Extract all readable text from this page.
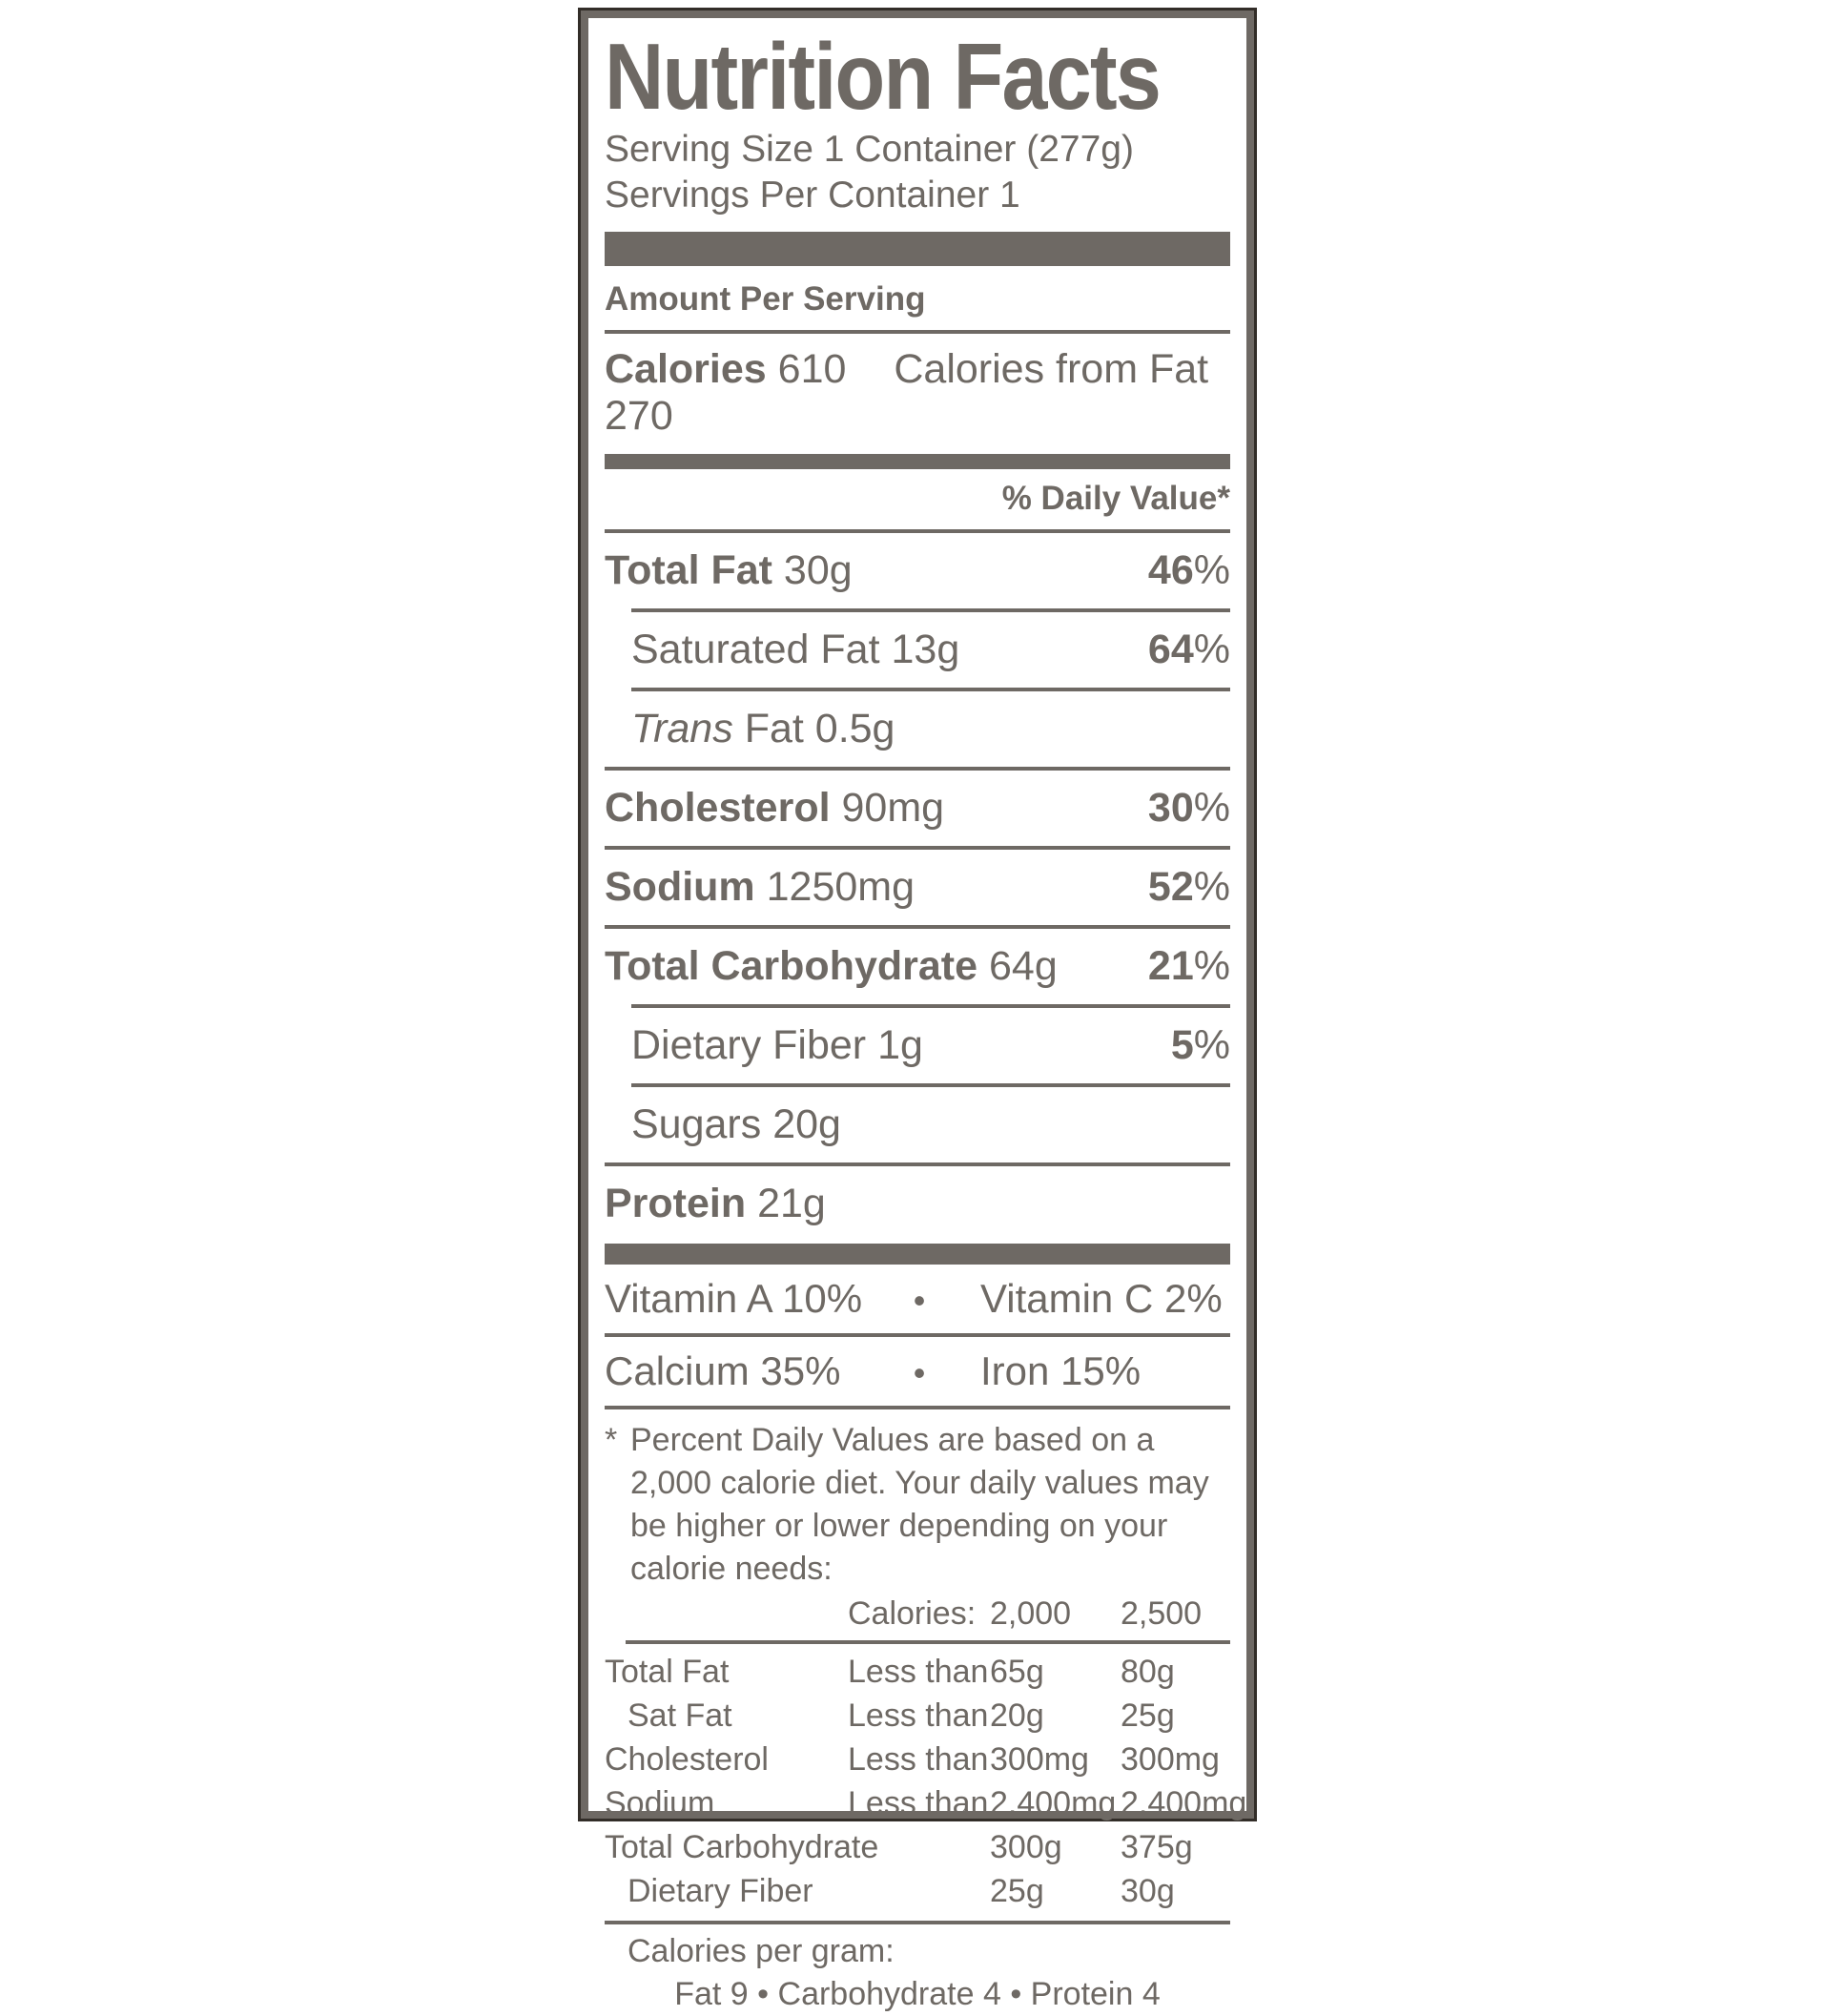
Nutrition Facts
Serving Size 1 Container (277g)
Servings Per Container 1
Amount Per Serving
Calories 610 Calories from Fat 270
% Daily Value*
Total Fat 30g	46%
Saturated Fat 13g	64%
Trans Fat 0.5g
Cholesterol 90mg	30%
Sodium 1250mg	52%
Total Carbohydrate 64g 21%
Dietary Fiber 1g	5%
Sugars 20g
Protein 21g
Vitamin A 10%	•	Vitamin C 2%
Calcium 35%	•	Iron 15%
* Percent Daily Values are based on a 2,000 calorie diet. Your daily values may be higher or lower depending on your calorie needs:
Calories: 2,000	2,500
Total Fat	Less than 65g	80g
Sat Fat	Less than 20g	25g
Cholesterol	Less than 300mg 300mg
Sodium	Less than 2,400mg 2,400mg
Total Carbohydrate	300g	375g
Dietary Fiber	25g	30g
Calories per gram:
Fat 9 • Carbohydrate 4 • Protein 4
